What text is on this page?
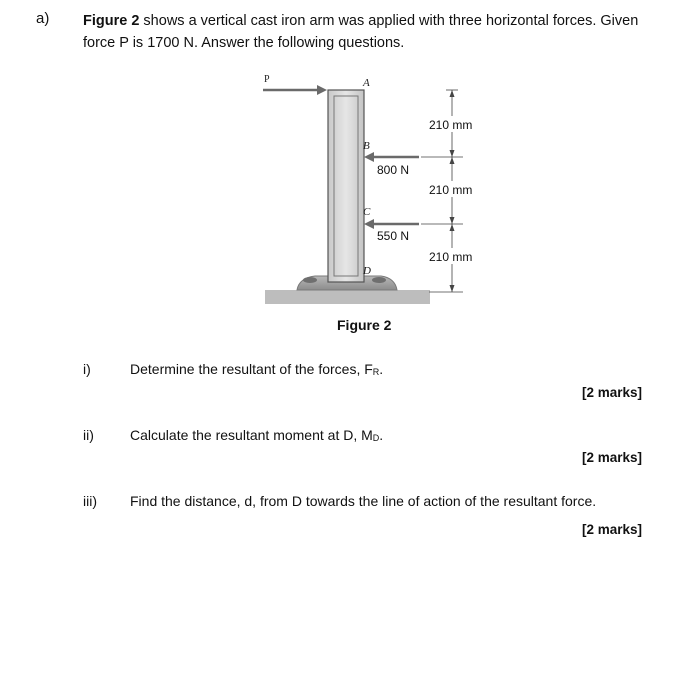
a) Figure 2 shows a vertical cast iron arm was applied with three horizontal forces. Given force P is 1700 N. Answer the following questions.
P	A
B
800 N
C
550 N
D
210 mm
210 mm
210 mm
Figure 2
i)	Determine the resultant of the forces, $F_R$.
[2 marks]
ii)	Calculate the resultant moment at D, $M_D$.
[2 marks]
iii) Find the distance, d, from D towards the line of action of the resultant force.
[2 marks]
